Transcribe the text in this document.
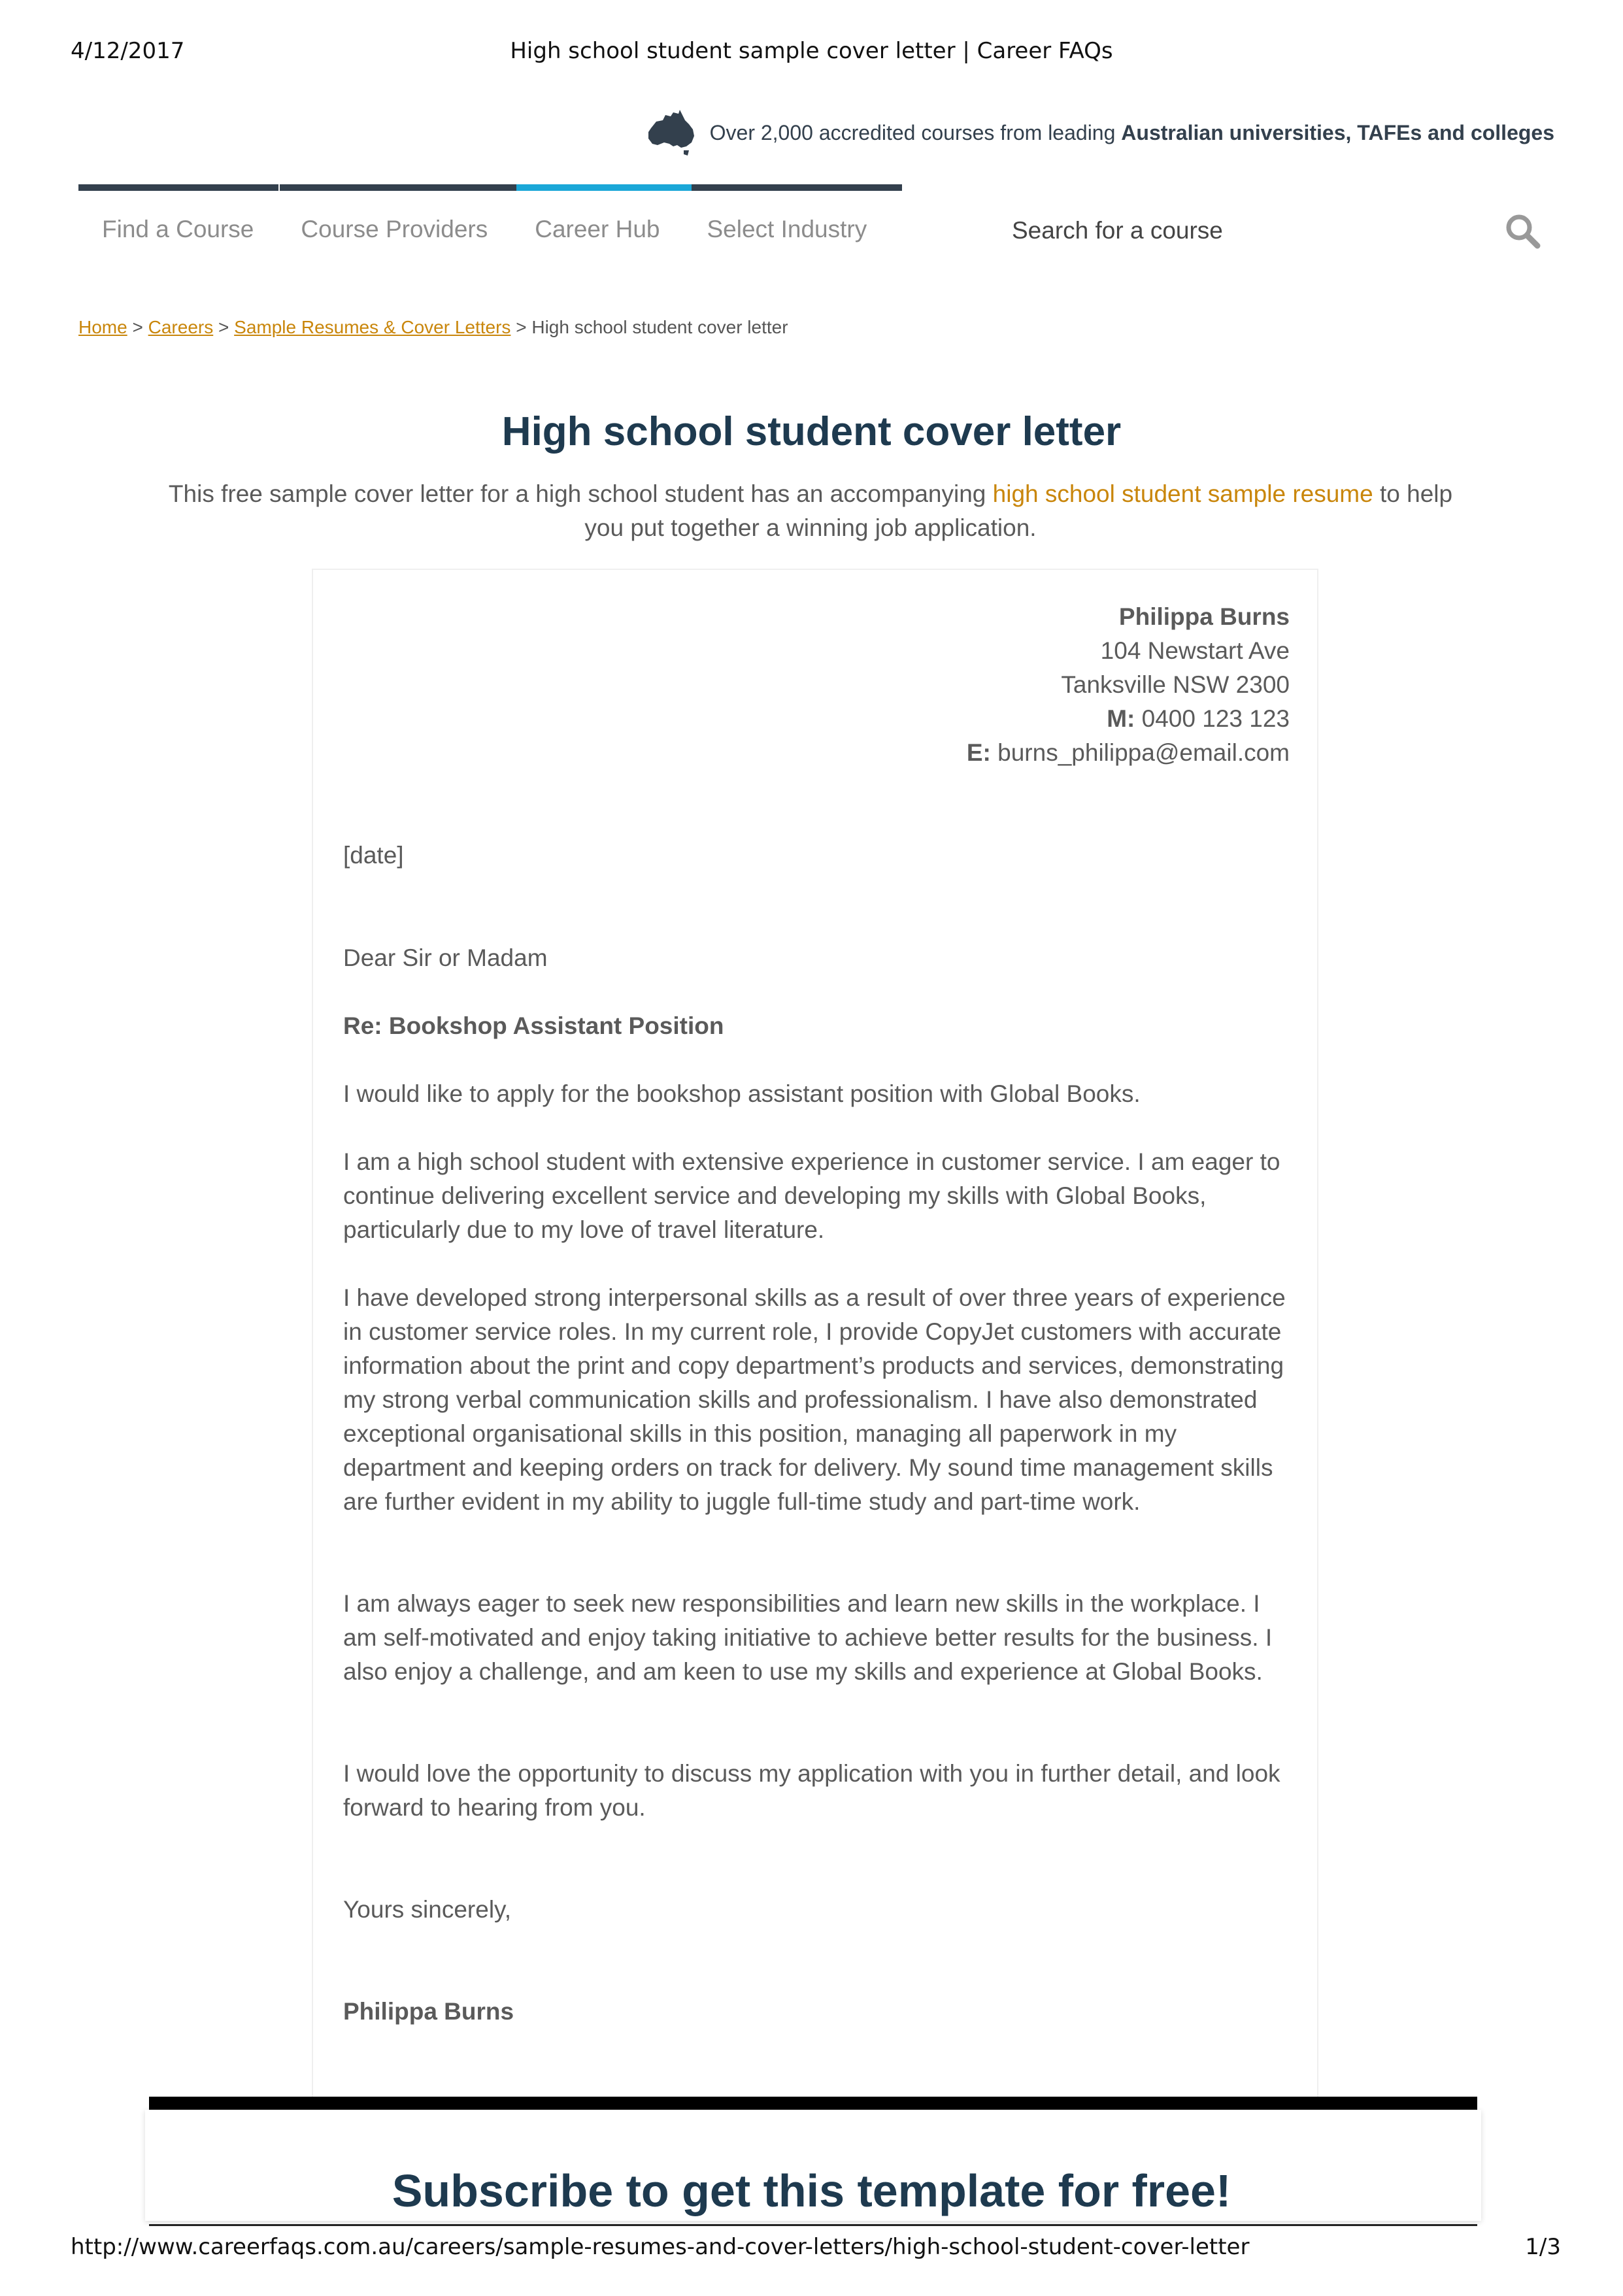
4/12/2017	High school student sample cover letter | Career FAQs
Over 2,000 accredited courses from leading Australian universities, TAFEs and colleges
Find a Course	Course Providers	Career Hub	Select Industry
Search for a course
Home > Careers > Sample Resumes & Cover Letters > High school student cover letter
High school student cover letter
This free sample cover letter for a high school student has an accompanying high school student sample resume to help you put together a winning job application.
Philippa Burns
104 Newstart Ave
Tanksville NSW 2300
M: 0400 123 123
E: burns_philippa@email.com
[date]
Dear Sir or Madam
Re: Bookshop Assistant Position
I would like to apply for the bookshop assistant position with Global Books.
I am a high school student with extensive experience in customer service. I am eager to continue delivering excellent service and developing my skills with Global Books, particularly due to my love of travel literature.
I have developed strong interpersonal skills as a result of over three years of experience in customer service roles. In my current role, I provide CopyJet customers with accurate information about the print and copy department’s products and services, demonstrating my strong verbal communication skills and professionalism. I have also demonstrated exceptional organisational skills in this position, managing all paperwork in my department and keeping orders on track for delivery. My sound time management skills are further evident in my ability to juggle full-time study and part-time work.
I am always eager to seek new responsibilities and learn new skills in the workplace. I am self-motivated and enjoy taking initiative to achieve better results for the business. I also enjoy a challenge, and am keen to use my skills and experience at Global Books.
I would love the opportunity to discuss my application with you in further detail, and look forward to hearing from you.
Yours sincerely,
Philippa Burns
Subscribe to get this template for free!
http://www.careerfaqs.com.au/careers/sample-resumes-and-cover-letters/high-school-student-cover-letter	1/3
